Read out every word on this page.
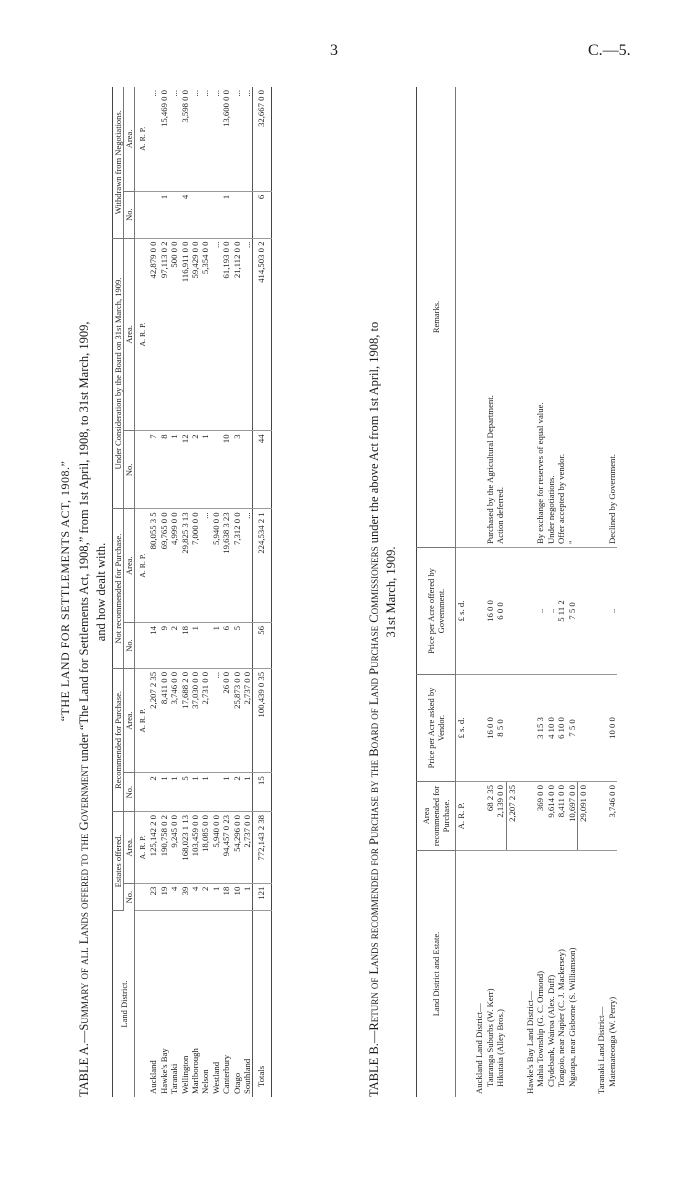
3	C.—5.
“THE LAND FOR SETTLEMENTS ACT, 1908.”
TABLE A.—Summary of all Lands offered to the Government under “The Land for Settlements Act, 1908,” from 1st April, 1908, to 31st March, 1909, and how dealt with.
Land District.	Estates offered.		Recommended for Purchase.		Not recommended for Purchase.		Under Consideration by the Board on 31st March, 1909.		Withdrawn from Negotiations.	
	No.	Area.	No.	Area.	No.	Area.	No.	Area.	No.	Area.
		A. R. P.		A. R. P.		A. R. P.		A. R. P.		A. R. P.
Auckland	23	125,142 2 0	2	2,207 2 35	14	80,055 3 5	7	42,879 0 0		...
Hawke's Bay	19	190,758 0 2	1	8,411 0 0	9	69,765 0 0	8	97,113 0 2	1	15,469 0 0
Taranaki	4	9,245 0 0	1	3,746 0 0	2	4,999 0 0	1	500 0 0		...
Wellington	39	168,023 1 13	5	17,688 2 0	18	29,825 3 13	12	116,911 0 0	4	3,598 0 0
Marlborough	4	103,459 0 0	1	37,030 0 0	1	7,000 0 0	2	59,429 0 0		...
Nelson	2	18,085 0 0	1	2,731 0 0		...	1	5,354 0 0		...
Westland	1	5,940 0 0		...	1	5,940 0 0		...		...
Canterbury	18	94,457 0 23	1	26 0 0	6	19,638 3 23	10	61,193 0 0	1	13,600 0 0
Otago	10	54,296 0 0	2	25,873 0 0	5	7,312 0 0	3	21,112 0 0		...
Southland	1	2,737 0 0	1	2,737 0 0		...		...		...
Totals	121	772,143 2 38	15	100,439 0 35	56	224,534 2 1	44	414,503 0 2	6	32,667 0 0
TABLE B.—Return of Lands recommended for Purchase by the Board of Land Purchase Commissioners under the above Act from 1st April, 1908, to
31st March, 1909.
Land District and Estate.	Area recommended for Purchase.	Price per Acre asked by Vendor.	Price per Acre offered by Government.	Remarks.
	A. R. P.	£ s. d.	£ s. d.	

Auckland Land District—				
Tauranga Suburbs (W. Kerr)	68 2 35	16 0 0	16 0 0	Purchased by the Agricultural Department.
Hikutaia (Alley Bros.)	2,139 0 0	8 5 0	6 0 0	Action deferred.
	2,207 2 35			

Hawke's Bay Land District—				
Mahia Township (G. C. Ormond)	369 0 0	3 15 3	..	By exchange for reserves of equal value.
Clydebank, Wairoa (Alex. Duff)	9,614 0 0	4 10 0	..	Under negotiations.
Tongoio, near Napier (C. J. Mackersey)	8,411 0 0	6 10 0	5 11 2	Offer accepted by vendor.
Ngatapa, near Gisborne (S. Williamson)	10,697 0 0	7 5 0	7 5 0	"
	29,091 0 0			

Taranaki Land District—				
Matemateonga (W. Perry)	3,746 0 0	10 0 0	..	Declined by Government.
